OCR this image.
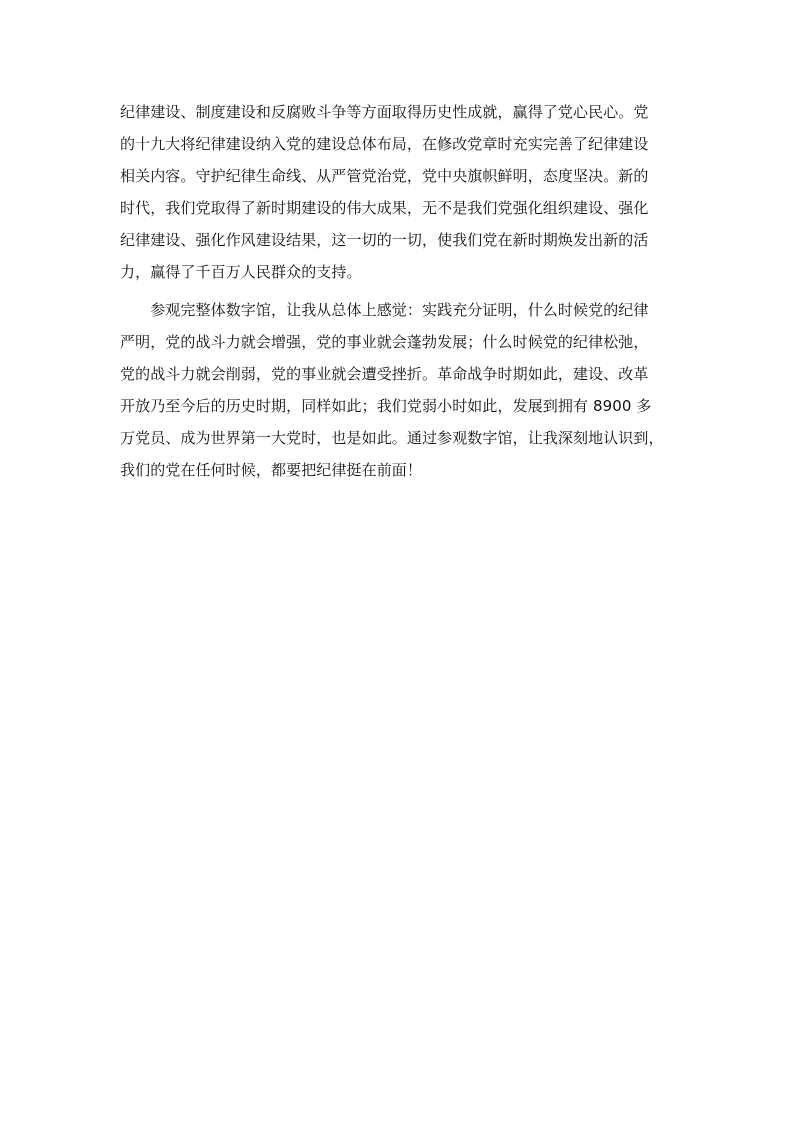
纪律建设、制度建设和反腐败斗争等方面取得历史性成就，赢得了党心民心。党
的十九大将纪律建设纳入党的建设总体布局，在修改党章时充实完善了纪律建设
相关内容。守护纪律生命线、从严管党治党，党中央旗帜鲜明，态度坚决。新的
时代，我们党取得了新时期建设的伟大成果，无不是我们党强化组织建设、强化
纪律建设、强化作风建设结果，这一切的一切，使我们党在新时期焕发出新的活
力，赢得了千百万人民群众的支持。

　　参观完整体数字馆，让我从总体上感觉：实践充分证明，什么时候党的纪律
严明，党的战斗力就会增强，党的事业就会蓬勃发展；什么时候党的纪律松弛，
党的战斗力就会削弱，党的事业就会遭受挫折。革命战争时期如此，建设、改革
开放乃至今后的历史时期，同样如此；我们党弱小时如此，发展到拥有 8900 多
万党员、成为世界第一大党时，也是如此。通过参观数字馆，让我深刻地认识到，
我们的党在任何时候，都要把纪律挺在前面！
